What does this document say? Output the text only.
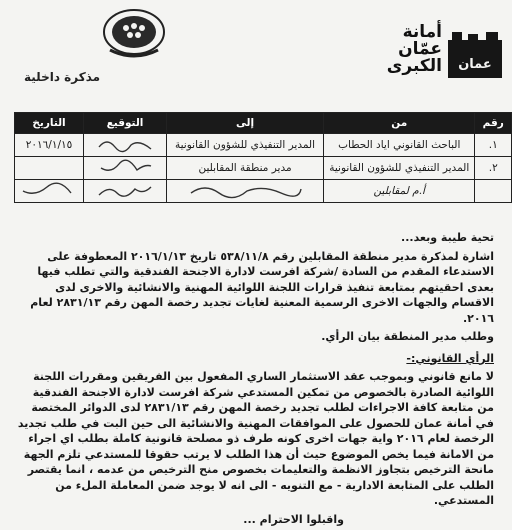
أمانة
عمّان
الكبرى عمان
مذكرة داخلية
رقم	من	إلى	التوقيع	التاريخ
١.	الباحث القانوني اياد الحطاب	المدير التنفيذي للشؤون القانونية		٢٠١٦/١/١٥
٢.	المدير التنفيذي للشؤون القانونية	مدير منطقة المقابلين		
	أ.م لمقابلين			

تحية طيبة وبعد...

اشارة لمذكرة مدير منطقة المقابلين رقم ٥٣٨/١١/٨ تاريخ ٢٠١٦/١/١٣ المعطوفة على الاستدعاء المقدم من السادة /شركة افرست لادارة الاجنحة الفندقية والتي تطلب فيها بعدى احقيتهم بمتابعة تنفيذ قرارات اللجنة اللوائية المهنية والانشائية والاخرى لدى الاقسام والجهات الاخرى الرسمية المعنية لغايات تجديد رخصة المهن رقم ٢٨٣١/١٣ لعام ٢٠١٦.

وطلب مدير المنطقة بيان الرأي.

الرأي القانوني:-

لا مانع قانوني وبموجب عقد الاستثمار الساري المفعول بين الفريقين ومقررات اللجنة اللوائية الصادرة بالخصوص من تمكين المستدعي شركة افرست لادارة الاجنحة الفندقية من متابعة كافة الاجراءات لطلب تجديد رخصة المهن رقم ٢٨٣١/١٣ لدى الدوائر المختصة في أمانة عمان للحصول على الموافقات المهنية والانشائية الى حين البت في طلب تجديد الرخصة لعام ٢٠١٦ واية جهات اخرى كونه طرف ذو مصلحة قانونية كاملة بطلب اي اجراء من الامانة فيما يخص الموضوع حيث أن هذا الطلب لا يرتب حقوقا للمستدعي تلزم الجهة مانحة الترخيص بتجاوز الانظمة والتعليمات بخصوص منح الترخيص من عدمه ، انما يقتصر الطلب على المتابعة الادارية - مع التنويه - الى انه لا يوجد ضمن المعاملة الملء من المستدعي.

واقبلوا الاحترام ...
